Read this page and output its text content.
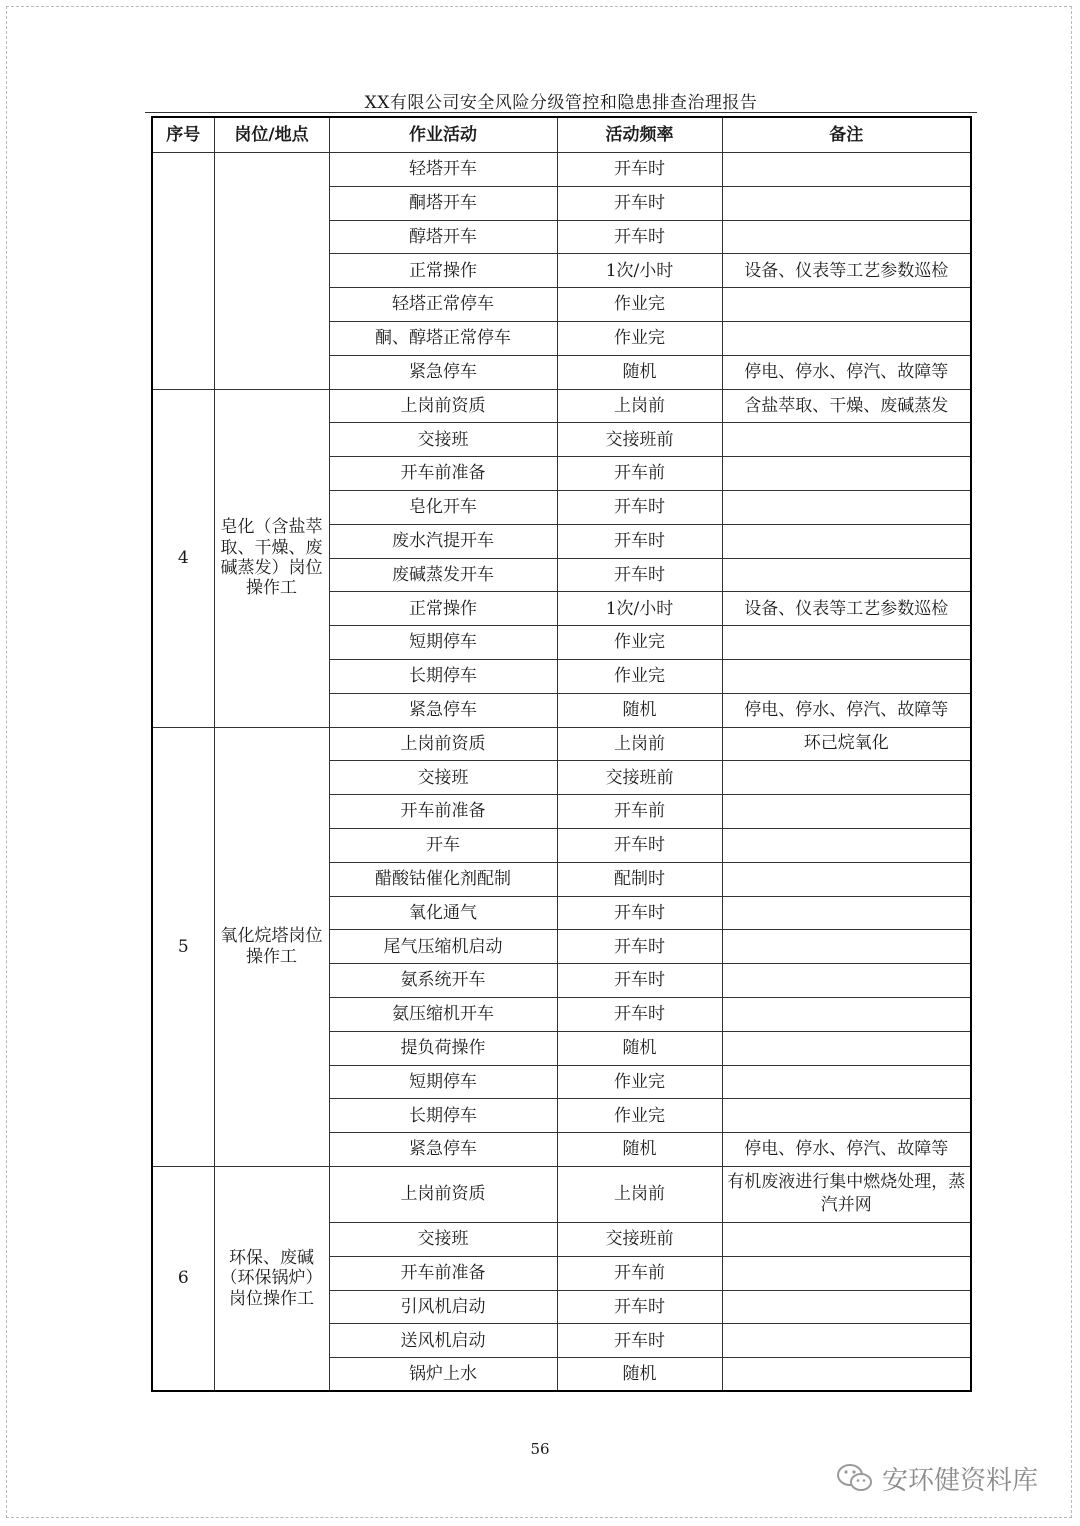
XX有限公司安全风险分级管控和隐患排查治理报告
序号	岗位/地点	作业活动	活动频率	备注
		轻塔开车	开车时	
		酮塔开车	开车时	
		醇塔开车	开车时	
		正常操作	1次/小时	设备、仪表等工艺参数巡检
		轻塔正常停车	作业完	
		酮、醇塔正常停车	作业完	
		紧急停车	随机	停电、停水、停汽、故障等
4	皂化（含盐萃取、干燥、废碱蒸发）岗位操作工	上岗前资质	上岗前	含盐萃取、干燥、废碱蒸发
		交接班	交接班前	
		开车前准备	开车前	
		皂化开车	开车时	
		废水汽提开车	开车时	
		废碱蒸发开车	开车时	
		正常操作	1次/小时	设备、仪表等工艺参数巡检
		短期停车	作业完	
		长期停车	作业完	
		紧急停车	随机	停电、停水、停汽、故障等
5	氧化烷塔岗位操作工	上岗前资质	上岗前	环己烷氧化
		交接班	交接班前	
		开车前准备	开车前	
		开车	开车时	
		醋酸钴催化剂配制	配制时	
		氧化通气	开车时	
		尾气压缩机启动	开车时	
		氨系统开车	开车时	
		氨压缩机开车	开车时	
		提负荷操作	随机	
		短期停车	作业完	
		长期停车	作业完	
		紧急停车	随机	停电、停水、停汽、故障等
6	环保、废碱（环保锅炉）岗位操作工	上岗前资质	上岗前	有机废液进行集中燃烧处理，蒸汽并网
		交接班	交接班前	
		开车前准备	开车前	
		引风机启动	开车时	
		送风机启动	开车时	
		锅炉上水	随机	
56
安环健资料库
